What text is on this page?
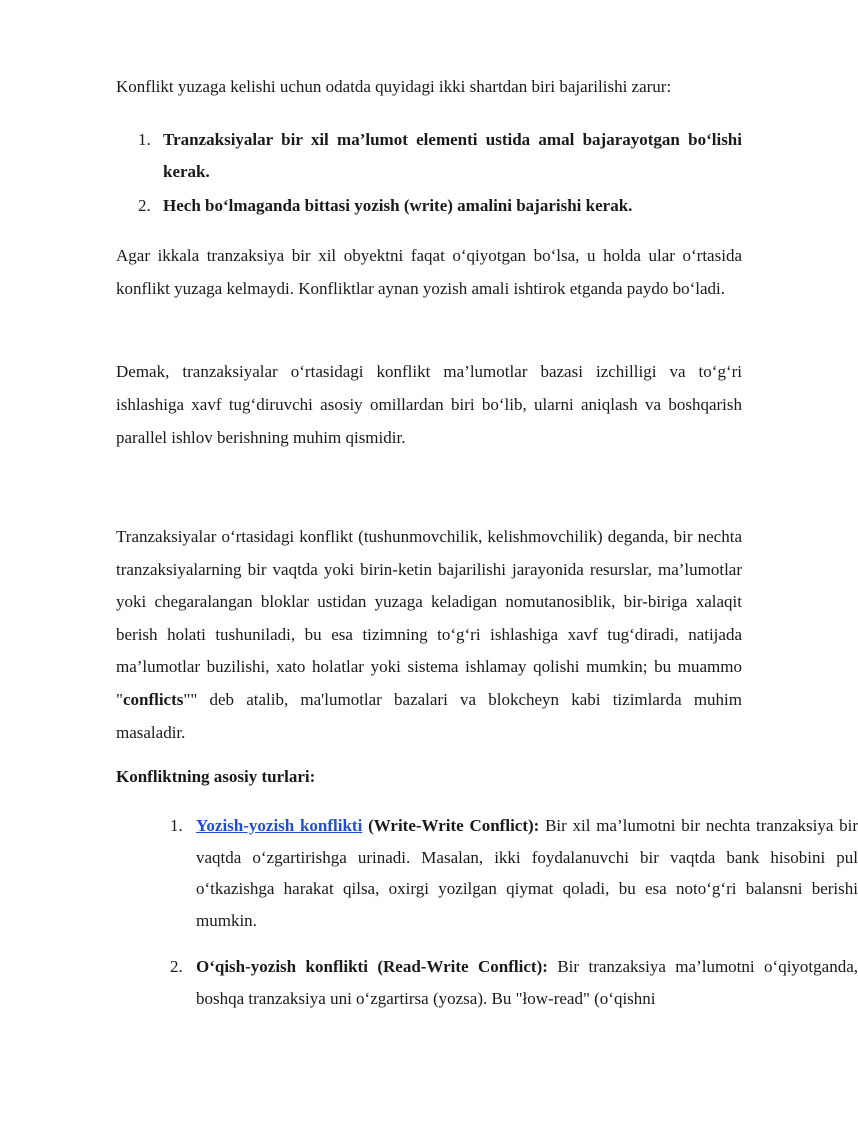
Konflikt yuzaga kelishi uchun odatda quyidagi ikki shartdan biri bajarilishi zarur:

1. Tranzaksiyalar bir xil ma’lumot elementi ustida amal bajarayotgan bo‘lishi kerak.
2. Hech bo‘lmaganda bittasi yozish (write) amalini bajarishi kerak.

Agar ikkala tranzaksiya bir xil obyektni faqat o‘qiyotgan bo‘lsa, u holda ular o‘rtasida konflikt yuzaga kelmaydi. Konfliktlar aynan yozish amali ishtirok etganda paydo bo‘ladi.

Demak, tranzaksiyalar o‘rtasidagi konflikt ma’lumotlar bazasi izchilligi va to‘g‘ri ishlashiga xavf tug‘diruvchi asosiy omillardan biri bo‘lib, ularni aniqlash va boshqarish parallel ishlov berishning muhim qismidir.

Tranzaksiyalar o‘rtasidagi konflikt (tushunmovchilik, kelishmovchilik) deganda, bir nechta tranzaksiyalarning bir vaqtda yoki birin-ketin bajarilishi jarayonida resurslar, ma’lumotlar yoki chegaralangan bloklar ustidan yuzaga keladigan nomutanosiblik, bir-biriga xalaqit berish holati tushuniladi, bu esa tizimning to‘g‘ri ishlashiga xavf tug‘diradi, natijada ma’lumotlar buzilishi, xato holatlar yoki sistema ishlamay qolishi mumkin; bu muammo "conflicts"" deb atalib, ma'lumotlar bazalari va blokcheyn kabi tizimlarda muhim masaladir.

Konfliktning asosiy turlari:

1. Yozish-yozish konflikti (Write-Write Conflict): Bir xil ma’lumotni bir nechta tranzaksiya bir vaqtda o‘zgartirishga urinadi. Masalan, ikki foydalanuvchi bir vaqtda bank hisobini pul o‘tkazishga harakat qilsa, oxirgi yozilgan qiymat qoladi, bu esa noto‘g‘ri balansni berishi mumkin.
2. O‘qish-yozish konflikti (Read-Write Conflict): Bir tranzaksiya ma’lumotni o‘qiyotganda, boshqa tranzaksiya uni o‘zgartirsa (yozsa). Bu "łow-read" (o‘qishni
